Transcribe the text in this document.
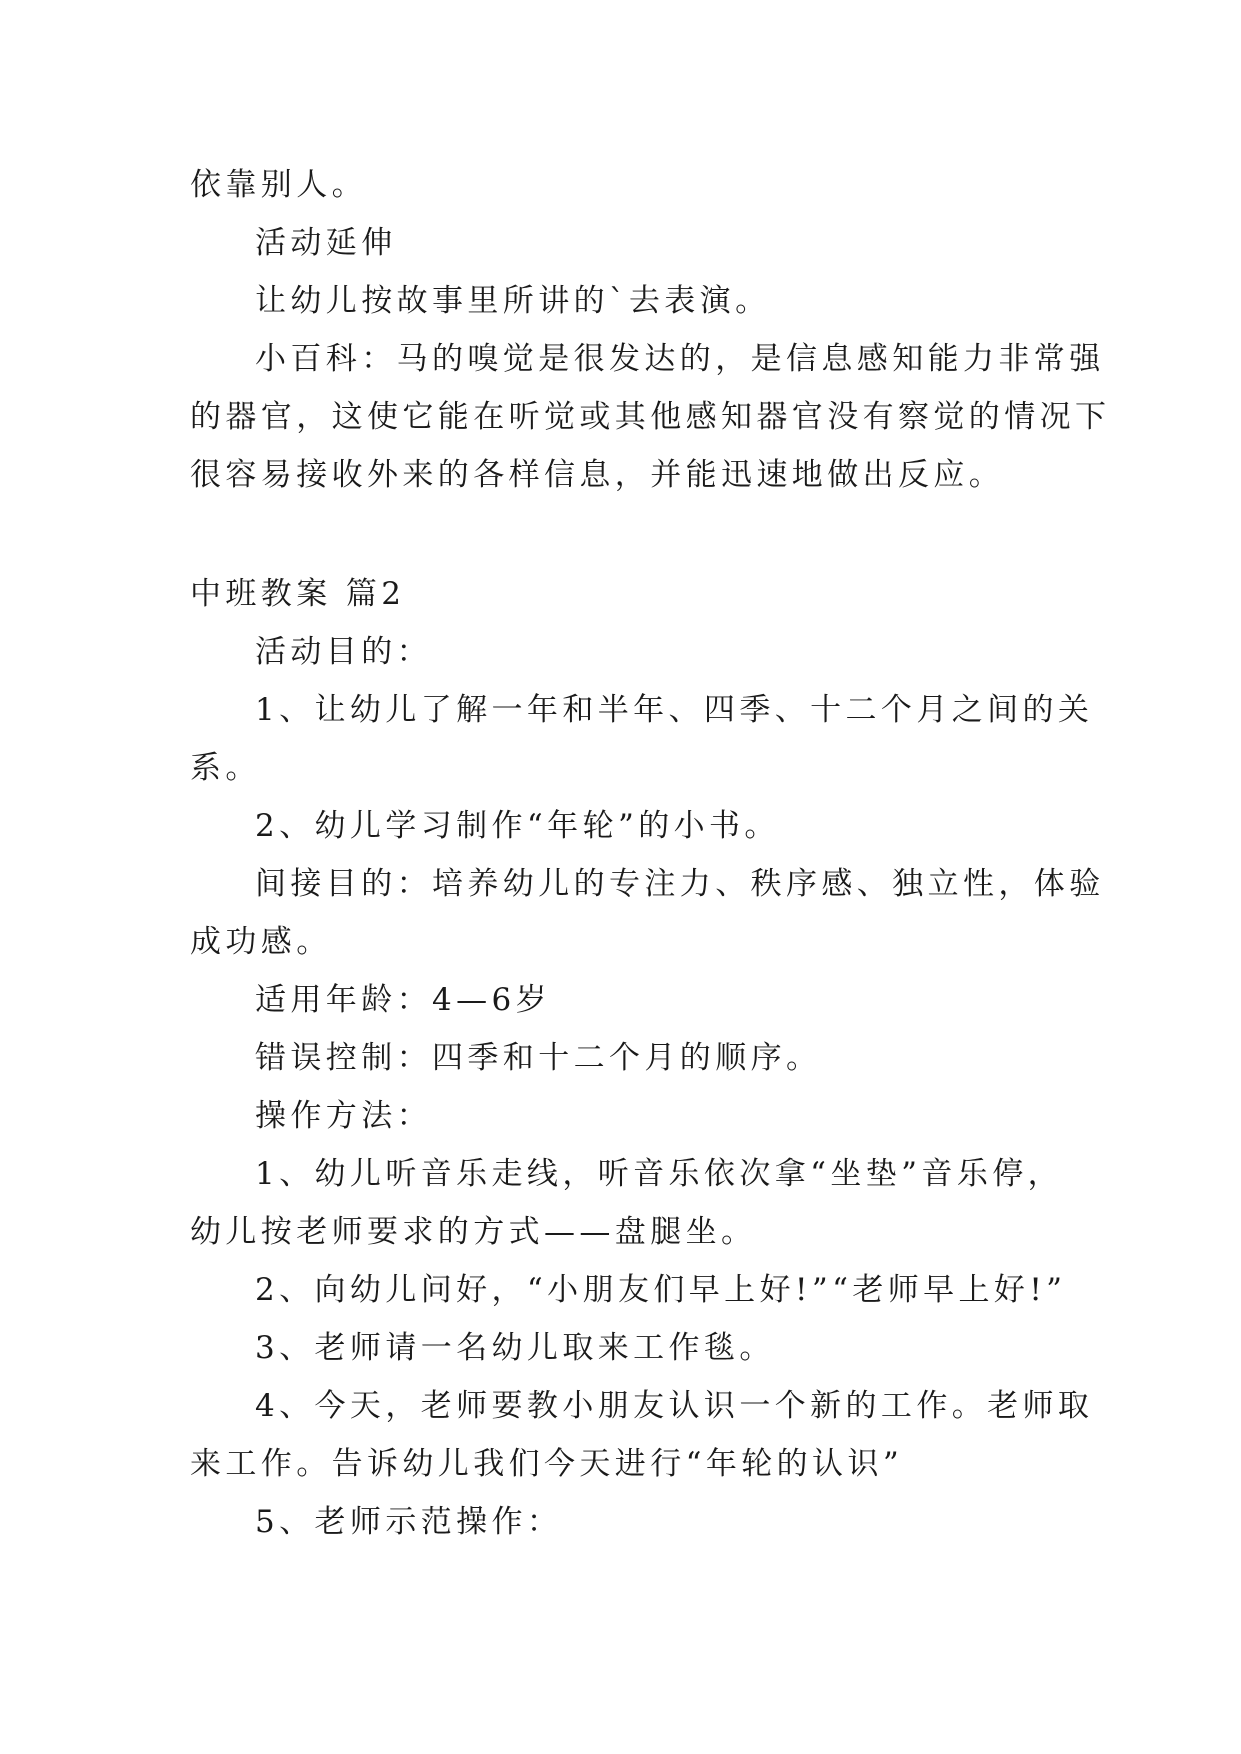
依靠别人。
活动延伸
让幼儿按故事里所讲的`去表演。
小百科：马的嗅觉是很发达的，是信息感知能力非常强
的器官，这使它能在听觉或其他感知器官没有察觉的情况下
很容易接收外来的各样信息，并能迅速地做出反应。
中班教案 篇2
活动目的：
1、让幼儿了解一年和半年、四季、十二个月之间的关
系。
2、幼儿学习制作“年轮”的小书。
间接目的：培养幼儿的专注力、秩序感、独立性，体验
成功感。
适用年龄：4—6岁
错误控制：四季和十二个月的顺序。
操作方法：
1、幼儿听音乐走线，听音乐依次拿“坐垫”音乐停，
幼儿按老师要求的方式——盘腿坐。
2、向幼儿问好，“小朋友们早上好!”“老师早上好!”
3、老师请一名幼儿取来工作毯。
4、今天，老师要教小朋友认识一个新的工作。老师取
来工作。告诉幼儿我们今天进行“年轮的认识”
5、老师示范操作：
